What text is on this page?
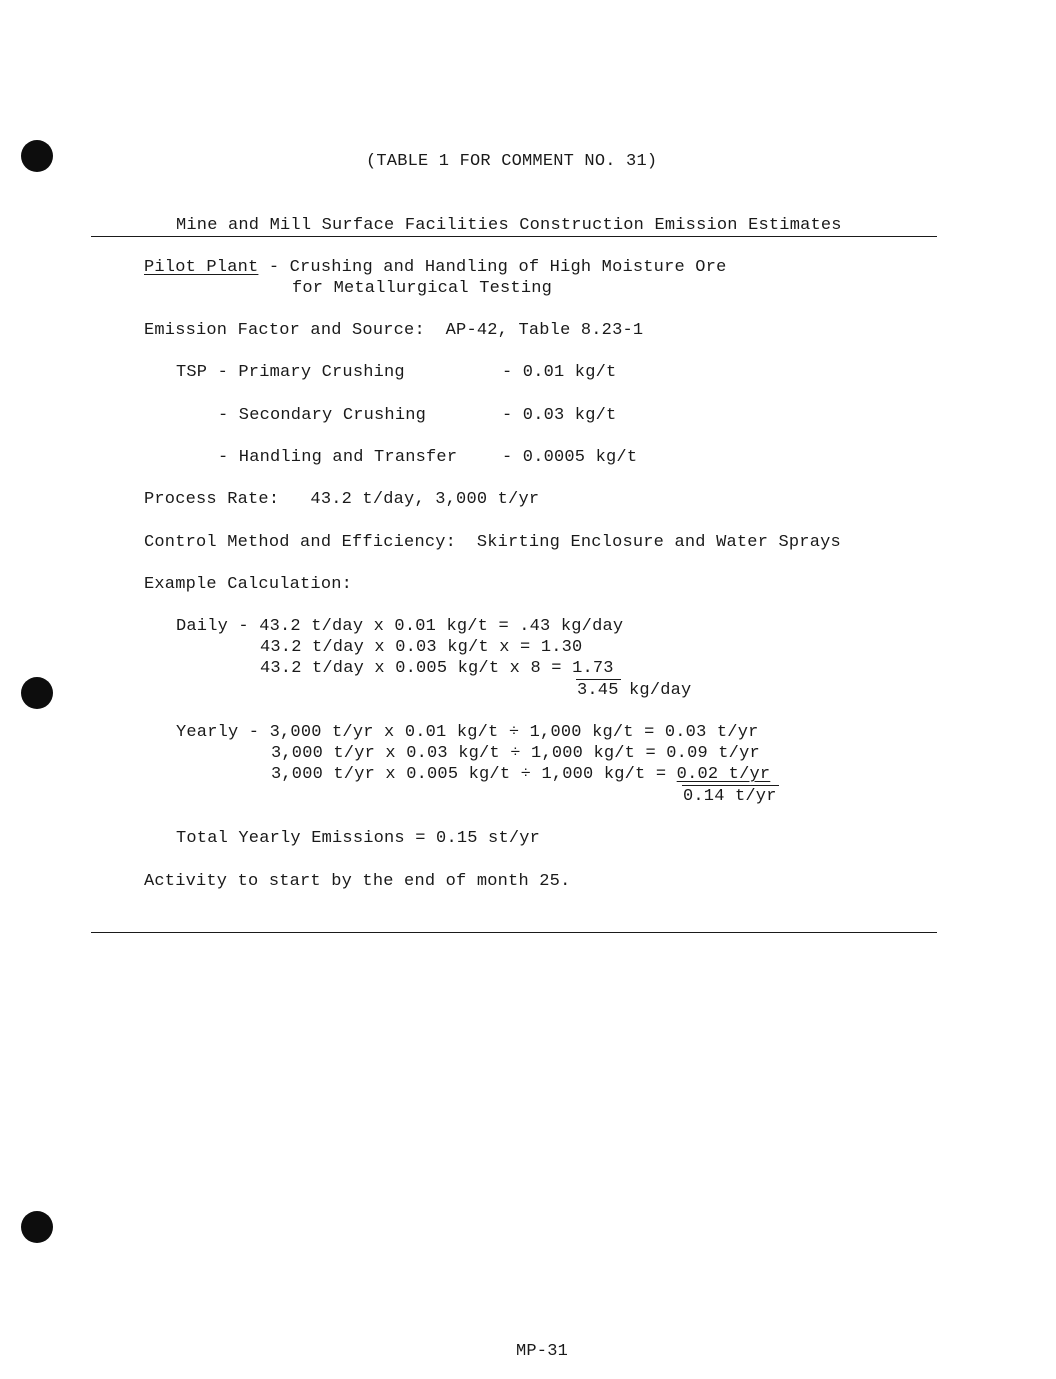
(TABLE 1 FOR COMMENT NO. 31)
Mine and Mill Surface Facilities Construction Emission Estimates
Pilot Plant - Crushing and Handling of High Moisture Ore
for Metallurgical Testing
Emission Factor and Source:  AP-42, Table 8.23-1
TSP - Primary Crushing	- 0.01 kg/t
- Secondary Crushing	- 0.03 kg/t
- Handling and Transfer	- 0.0005 kg/t
Process Rate:   43.2 t/day, 3,000 t/yr
Control Method and Efficiency:  Skirting Enclosure and Water Sprays
Example Calculation:
Daily - 43.2 t/day x 0.01 kg/t = .43 kg/day
43.2 t/day x 0.03 kg/t x = 1.30
43.2 t/day x 0.005 kg/t x 8 = 1.73
3.45 kg/day
Yearly - 3,000 t/yr x 0.01 kg/t ÷ 1,000 kg/t = 0.03 t/yr
3,000 t/yr x 0.03 kg/t ÷ 1,000 kg/t = 0.09 t/yr
3,000 t/yr x 0.005 kg/t ÷ 1,000 kg/t = 0.02 t/yr
0.14 t/yr
Total Yearly Emissions = 0.15 st/yr
Activity to start by the end of month 25.
MP-31
